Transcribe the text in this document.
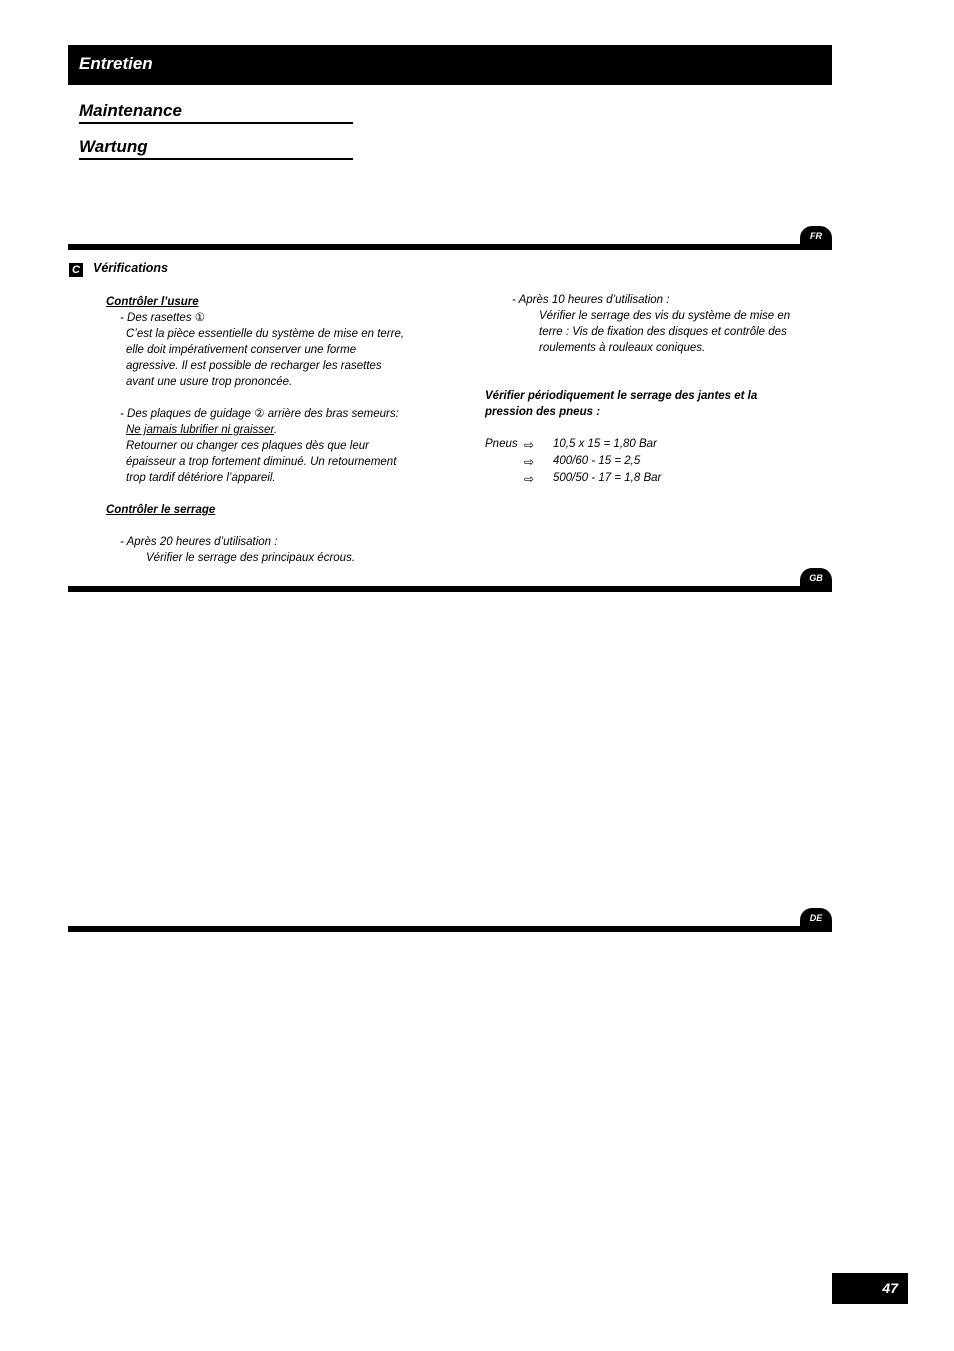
Entretien
Maintenance
Wartung
FR
C Vérifications
Contrôler l’usure
- Des rasettes ①
C’est la pièce essentielle du système de mise en terre,
elle doit impérativement conserver une forme
agressive. Il est possible de recharger les rasettes
avant une usure trop prononcée.
- Des plaques de guidage ② arrière des bras semeurs:
Ne jamais lubrifier ni graisser.
Retourner ou changer ces plaques dès que leur
épaisseur a trop fortement diminué. Un retournement
trop tardif détériore l’appareil.
Contrôler le serrage
- Après 20 heures d’utilisation :
Vérifier le serrage des principaux écrous.
- Après 10 heures d’utilisation :
Vérifier le serrage des vis du système de mise en
terre : Vis de fixation des disques et contrôle des
roulements à rouleaux coniques.
Vérifier périodiquement le serrage des jantes et la
pression des pneus :
Pneus ⇨ 10,5 x 15 = 1,80 Bar
⇨ 400/60 - 15 = 2,5
⇨ 500/50 - 17 = 1,8 Bar
GB
DE
47
